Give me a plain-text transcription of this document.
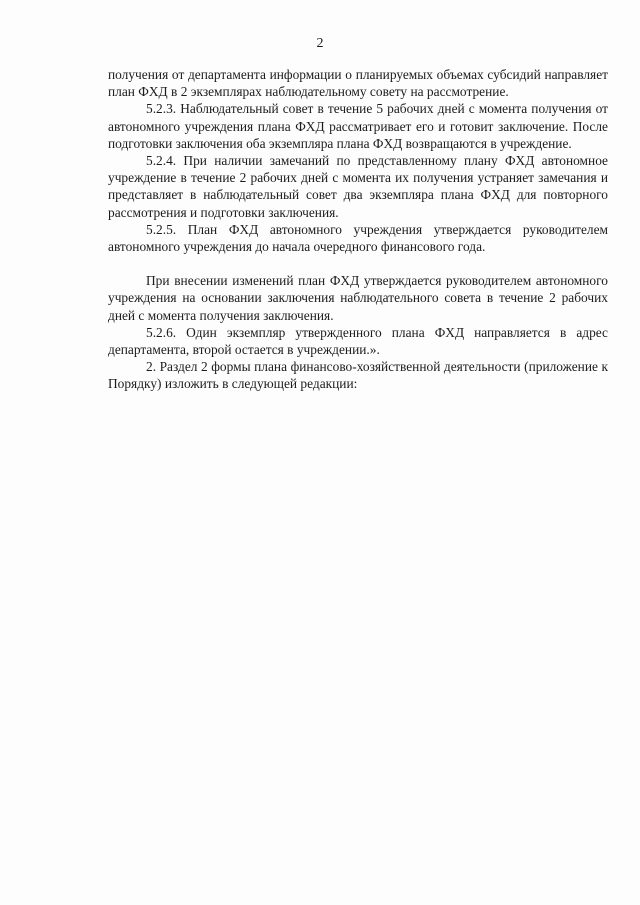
2

получения от департамента информации о планируемых объемах субсидий направляет план ФХД в 2 экземплярах наблюдательному совету на рассмотрение.

5.2.3. Наблюдательный совет в течение 5 рабочих дней с момента получения от автономного учреждения плана ФХД рассматривает его и готовит заключение. После подготовки заключения оба экземпляра плана ФХД возвращаются в учреждение.

5.2.4. При наличии замечаний по представленному плану ФХД автономное учреждение в течение 2 рабочих дней с момента их получения устраняет замечания и представляет в наблюдательный совет два экземпляра плана ФХД для повторного рассмотрения и подготовки заключения.

5.2.5. План ФХД автономного учреждения утверждается руководителем автономного учреждения до начала очередного финансового года.

При внесении изменений план ФХД утверждается руководителем автономного учреждения на основании заключения наблюдательного совета в течение 2 рабочих дней с момента получения заключения.

5.2.6. Один экземпляр утвержденного плана ФХД направляется в адрес департамента, второй остается в учреждении.».

2. Раздел 2 формы плана финансово-хозяйственной деятельности (приложение к Порядку) изложить в следующей редакции:
